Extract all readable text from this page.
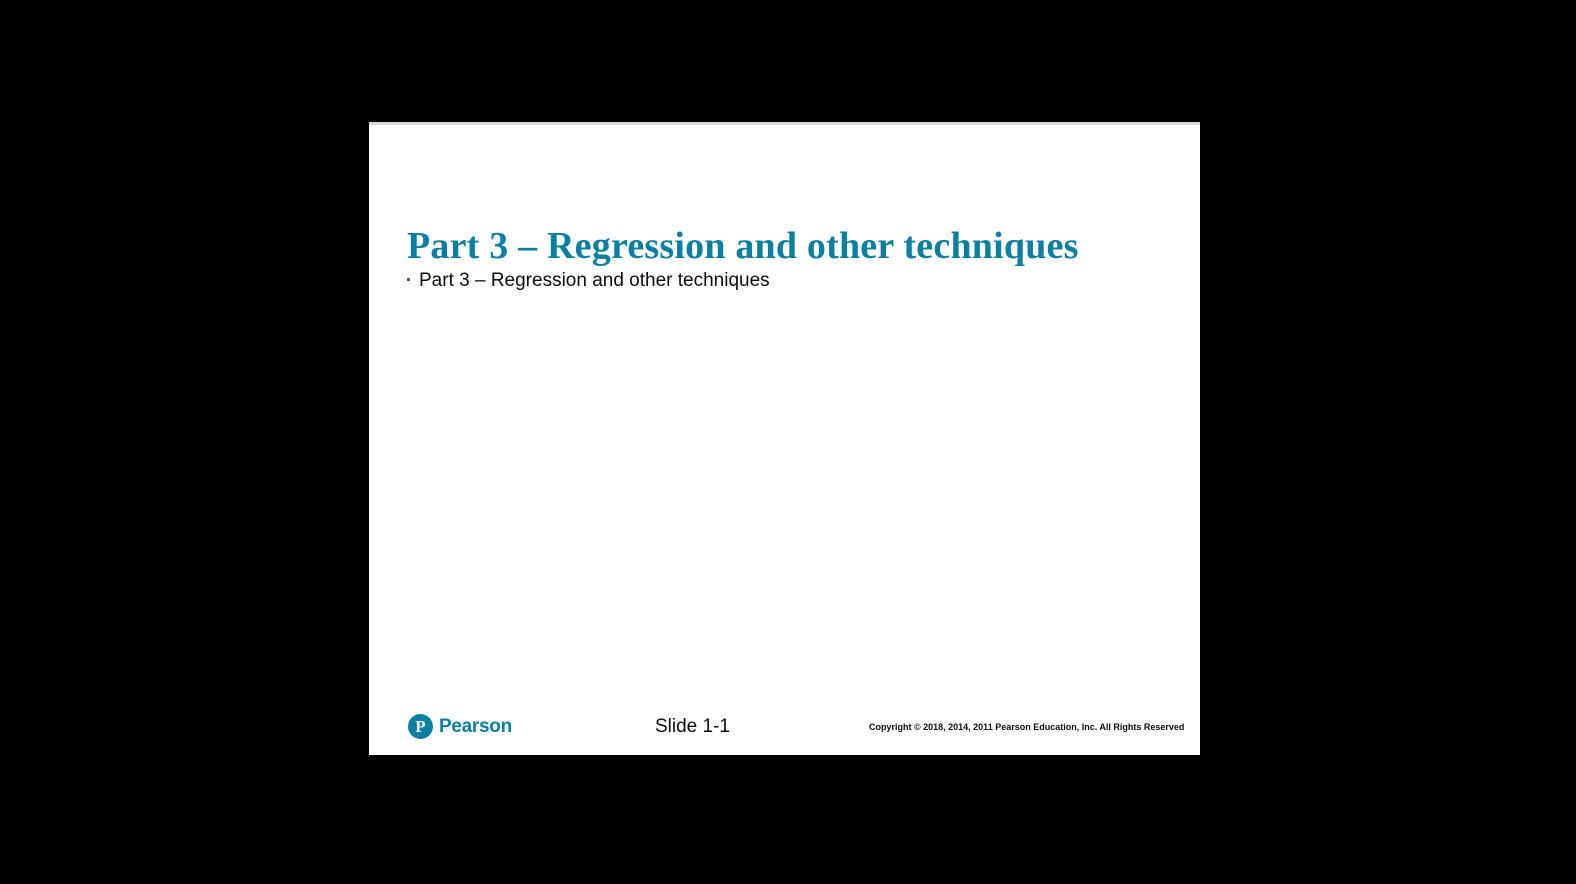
Part 3 – Regression and other techniques
Part 3 – Regression and other techniques
P Pearson	Slide 1-1	Copyright © 2018, 2014, 2011 Pearson Education, Inc. All Rights Reserved
